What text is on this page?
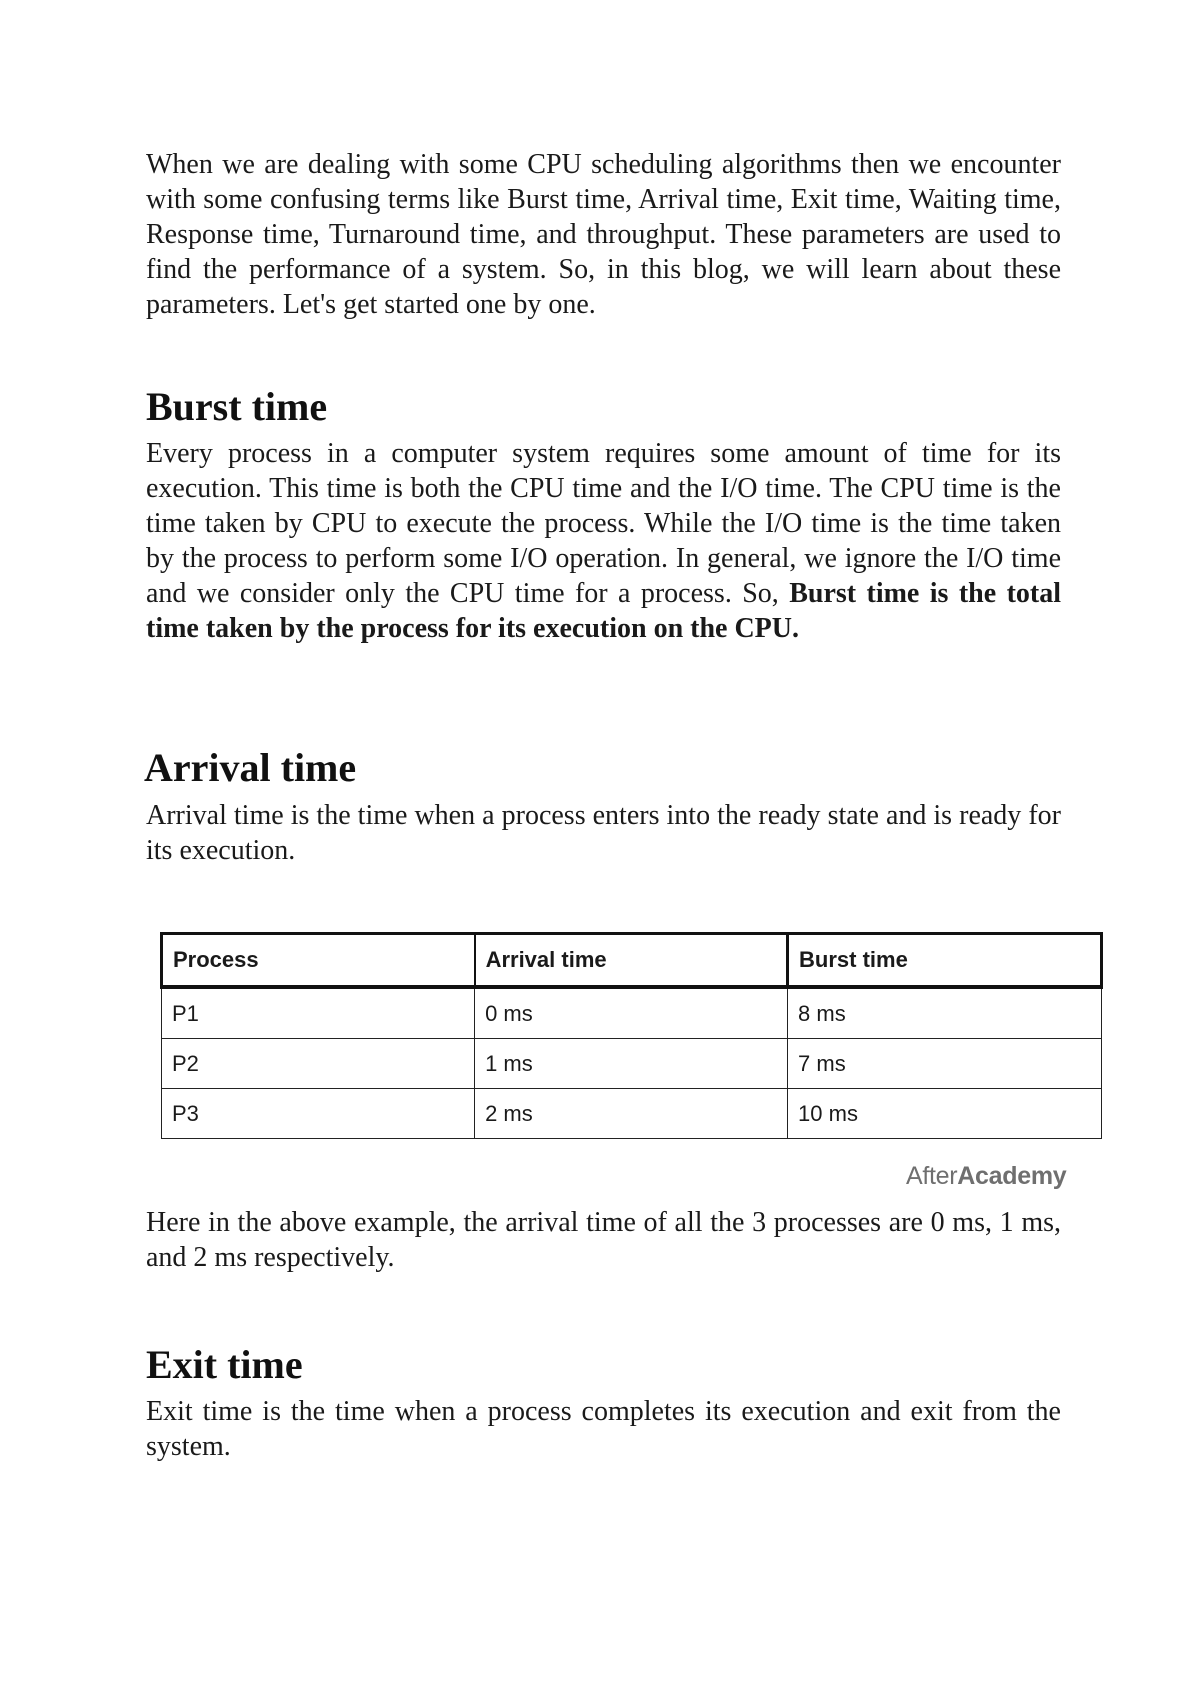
When we are dealing with some CPU scheduling algorithms then we encounter with some confusing terms like Burst time, Arrival time, Exit time, Waiting time, Response time, Turnaround time, and throughput. These parameters are used to find the performance of a system. So, in this blog, we will learn about these parameters. Let's get started one by one.

Burst time

Every process in a computer system requires some amount of time for its execution. This time is both the CPU time and the I/O time. The CPU time is the time taken by CPU to execute the process. While the I/O time is the time taken by the process to perform some I/O operation. In general, we ignore the I/O time and we consider only the CPU time for a process. So, Burst time is the total time taken by the process for its execution on the CPU.

Arrival time

Arrival time is the time when a process enters into the ready state and is ready for its execution.

Here in the above example, the arrival time of all the 3 processes are 0 ms, 1 ms, and 2 ms respectively.

Exit time

Exit time is the time when a process completes its execution and exit from the system.

Process	Arrival time	Burst time
P1	0 ms	8 ms
P2	1 ms	7 ms
P3	2 ms	10 ms
AfterAcademy
